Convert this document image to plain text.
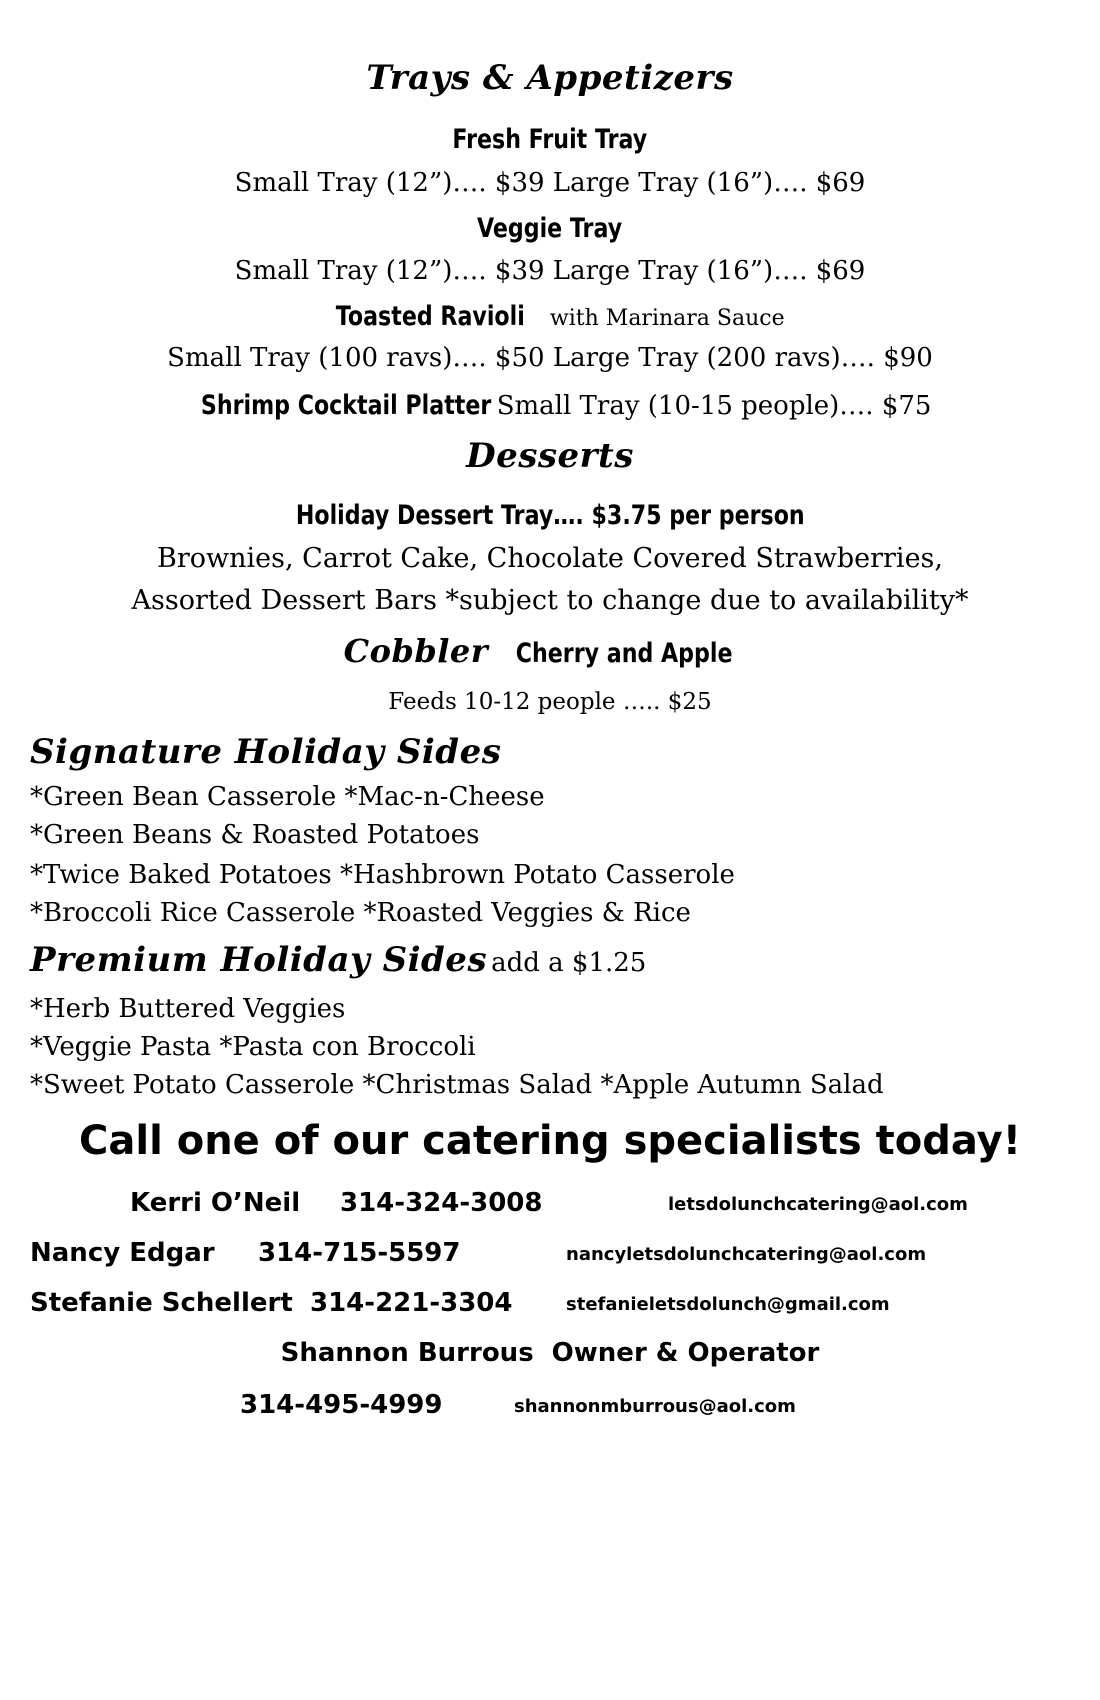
Trays & Appetizers
Fresh Fruit Tray
Small Tray (12”)…. $39 Large Tray (16”)…. $69
Veggie Tray
Small Tray (12”)…. $39 Large Tray (16”)…. $69
Toasted Ravioli with Marinara Sauce
Small Tray (100 ravs)…. $50 Large Tray (200 ravs)…. $90
Shrimp Cocktail Platter Small Tray (10-15 people)…. $75
Desserts
Holiday Dessert Tray…. $3.75 per person
Brownies, Carrot Cake, Chocolate Covered Strawberries,
Assorted Dessert Bars *subject to change due to availability*
Cobbler Cherry and Apple
Feeds 10-12 people ….. $25
Signature Holiday Sides
*Green Bean Casserole *Mac-n-Cheese
*Green Beans & Roasted Potatoes
*Twice Baked Potatoes *Hashbrown Potato Casserole
*Broccoli Rice Casserole *Roasted Veggies & Rice
Premium Holiday Sides add a $1.25
*Herb Buttered Veggies
*Veggie Pasta *Pasta con Broccoli
*Sweet Potato Casserole *Christmas Salad *Apple Autumn Salad
Call one of our catering specialists today!
Kerri O’Neil 314-324-3008	letsdolunchcatering@aol.com
Nancy Edgar 314-715-5597	nancyletsdolunchcatering@aol.com
Stefanie Schellert 314-221-3304	stefanieletsdolunch@gmail.com
Shannon Burrous Owner & Operator
314-495-4999	shannonmburrous@aol.com
